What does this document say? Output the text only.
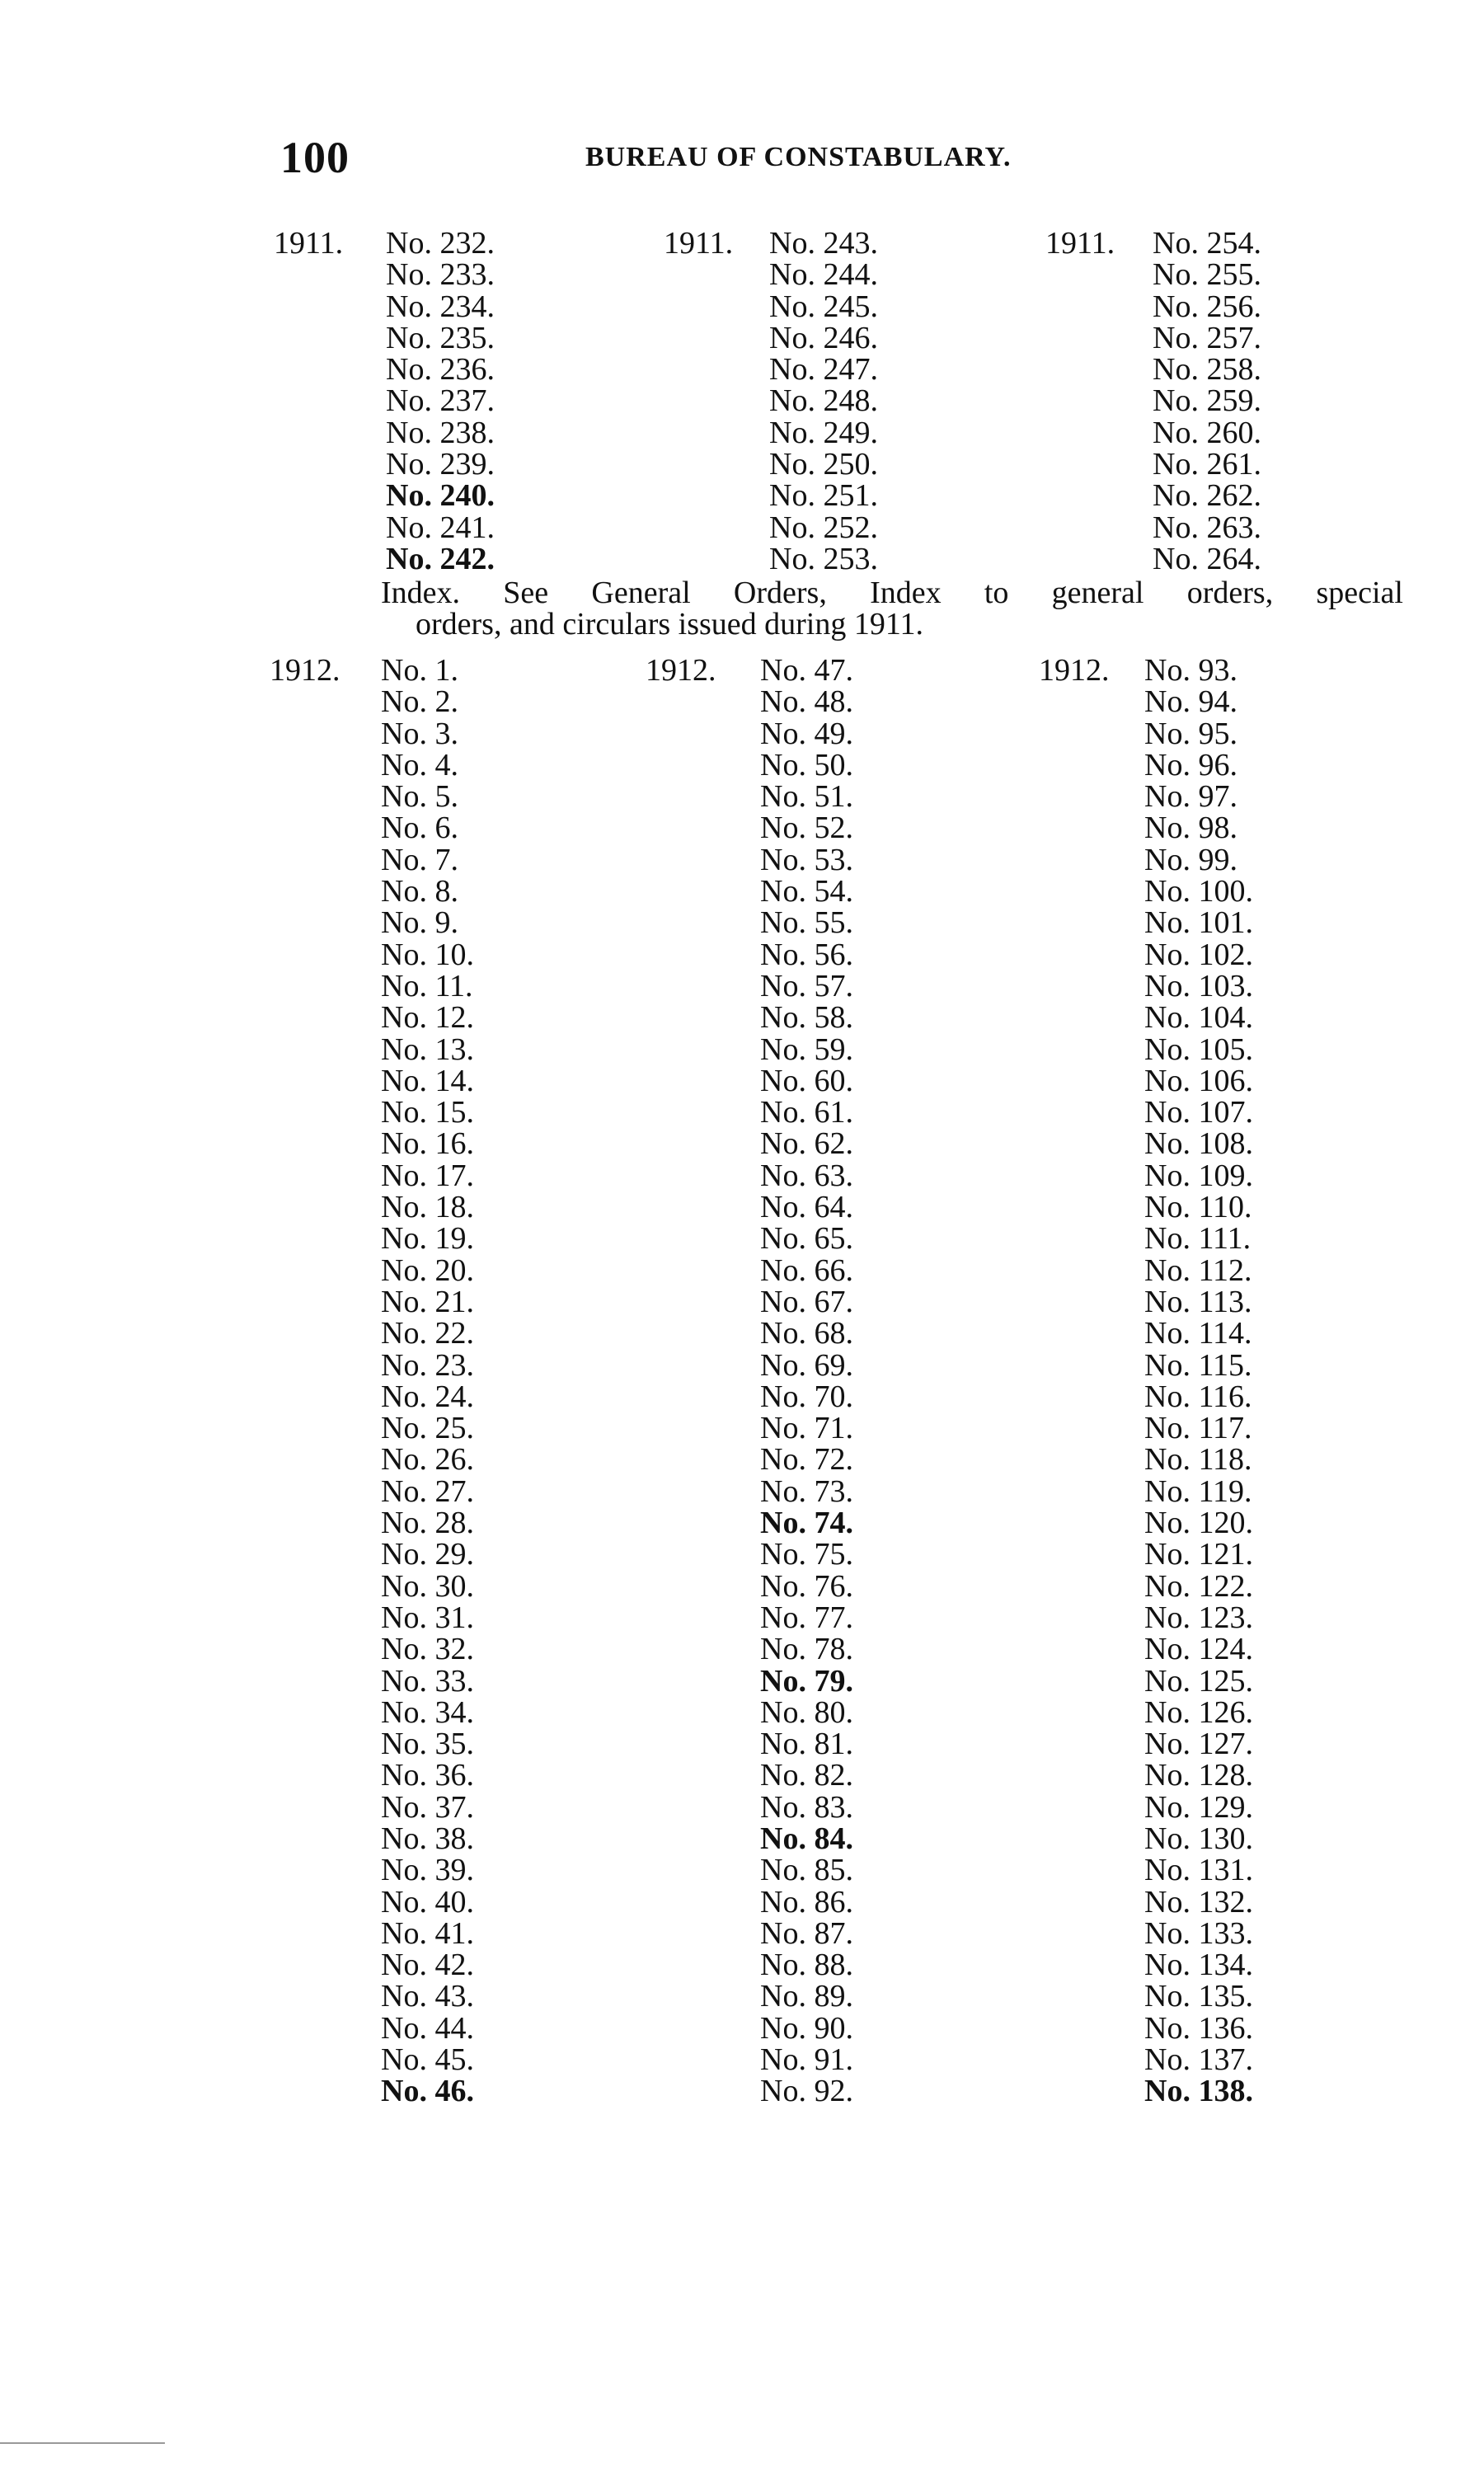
100	BUREAU OF CONSTABULARY.
1911. No. 232.
No. 233.
No. 234.
No. 235.
No. 236.
No. 237.
No. 238.
No. 239.
No. 240.
No. 241.
No. 242.
1911. No. 243.
No. 244.
No. 245.
No. 246.
No. 247.
No. 248.
No. 249.
No. 250.
No. 251.
No. 252.
No. 253.
1911. No. 254.
No. 255.
No. 256.
No. 257.
No. 258.
No. 259.
No. 260.
No. 261.
No. 262.
No. 263.
No. 264.
Index. See General Orders, Index to general orders, special
orders, and circulars issued during 1911.
1912. No. 1.
No. 2.
No. 3.
No. 4.
No. 5.
No. 6.
No. 7.
No. 8.
No. 9.
No. 10.
No. 11.
No. 12.
No. 13.
No. 14.
No. 15.
No. 16.
No. 17.
No. 18.
No. 19.
No. 20.
No. 21.
No. 22.
No. 23.
No. 24.
No. 25.
No. 26.
No. 27.
No. 28.
No. 29.
No. 30.
No. 31.
No. 32.
No. 33.
No. 34.
No. 35.
No. 36.
No. 37.
No. 38.
No. 39.
No. 40.
No. 41.
No. 42.
No. 43.
No. 44.
No. 45.
No. 46.
1912. No. 47.
No. 48.
No. 49.
No. 50.
No. 51.
No. 52.
No. 53.
No. 54.
No. 55.
No. 56.
No. 57.
No. 58.
No. 59.
No. 60.
No. 61.
No. 62.
No. 63.
No. 64.
No. 65.
No. 66.
No. 67.
No. 68.
No. 69.
No. 70.
No. 71.
No. 72.
No. 73.
No. 74.
No. 75.
No. 76.
No. 77.
No. 78.
No. 79.
No. 80.
No. 81.
No. 82.
No. 83.
No. 84.
No. 85.
No. 86.
No. 87.
No. 88.
No. 89.
No. 90.
No. 91.
No. 92.
1912. No. 93.
No. 94.
No. 95.
No. 96.
No. 97.
No. 98.
No. 99.
No. 100.
No. 101.
No. 102.
No. 103.
No. 104.
No. 105.
No. 106.
No. 107.
No. 108.
No. 109.
No. 110.
No. 111.
No. 112.
No. 113.
No. 114.
No. 115.
No. 116.
No. 117.
No. 118.
No. 119.
No. 120.
No. 121.
No. 122.
No. 123.
No. 124.
No. 125.
No. 126.
No. 127.
No. 128.
No. 129.
No. 130.
No. 131.
No. 132.
No. 133.
No. 134.
No. 135.
No. 136.
No. 137.
No. 138.
